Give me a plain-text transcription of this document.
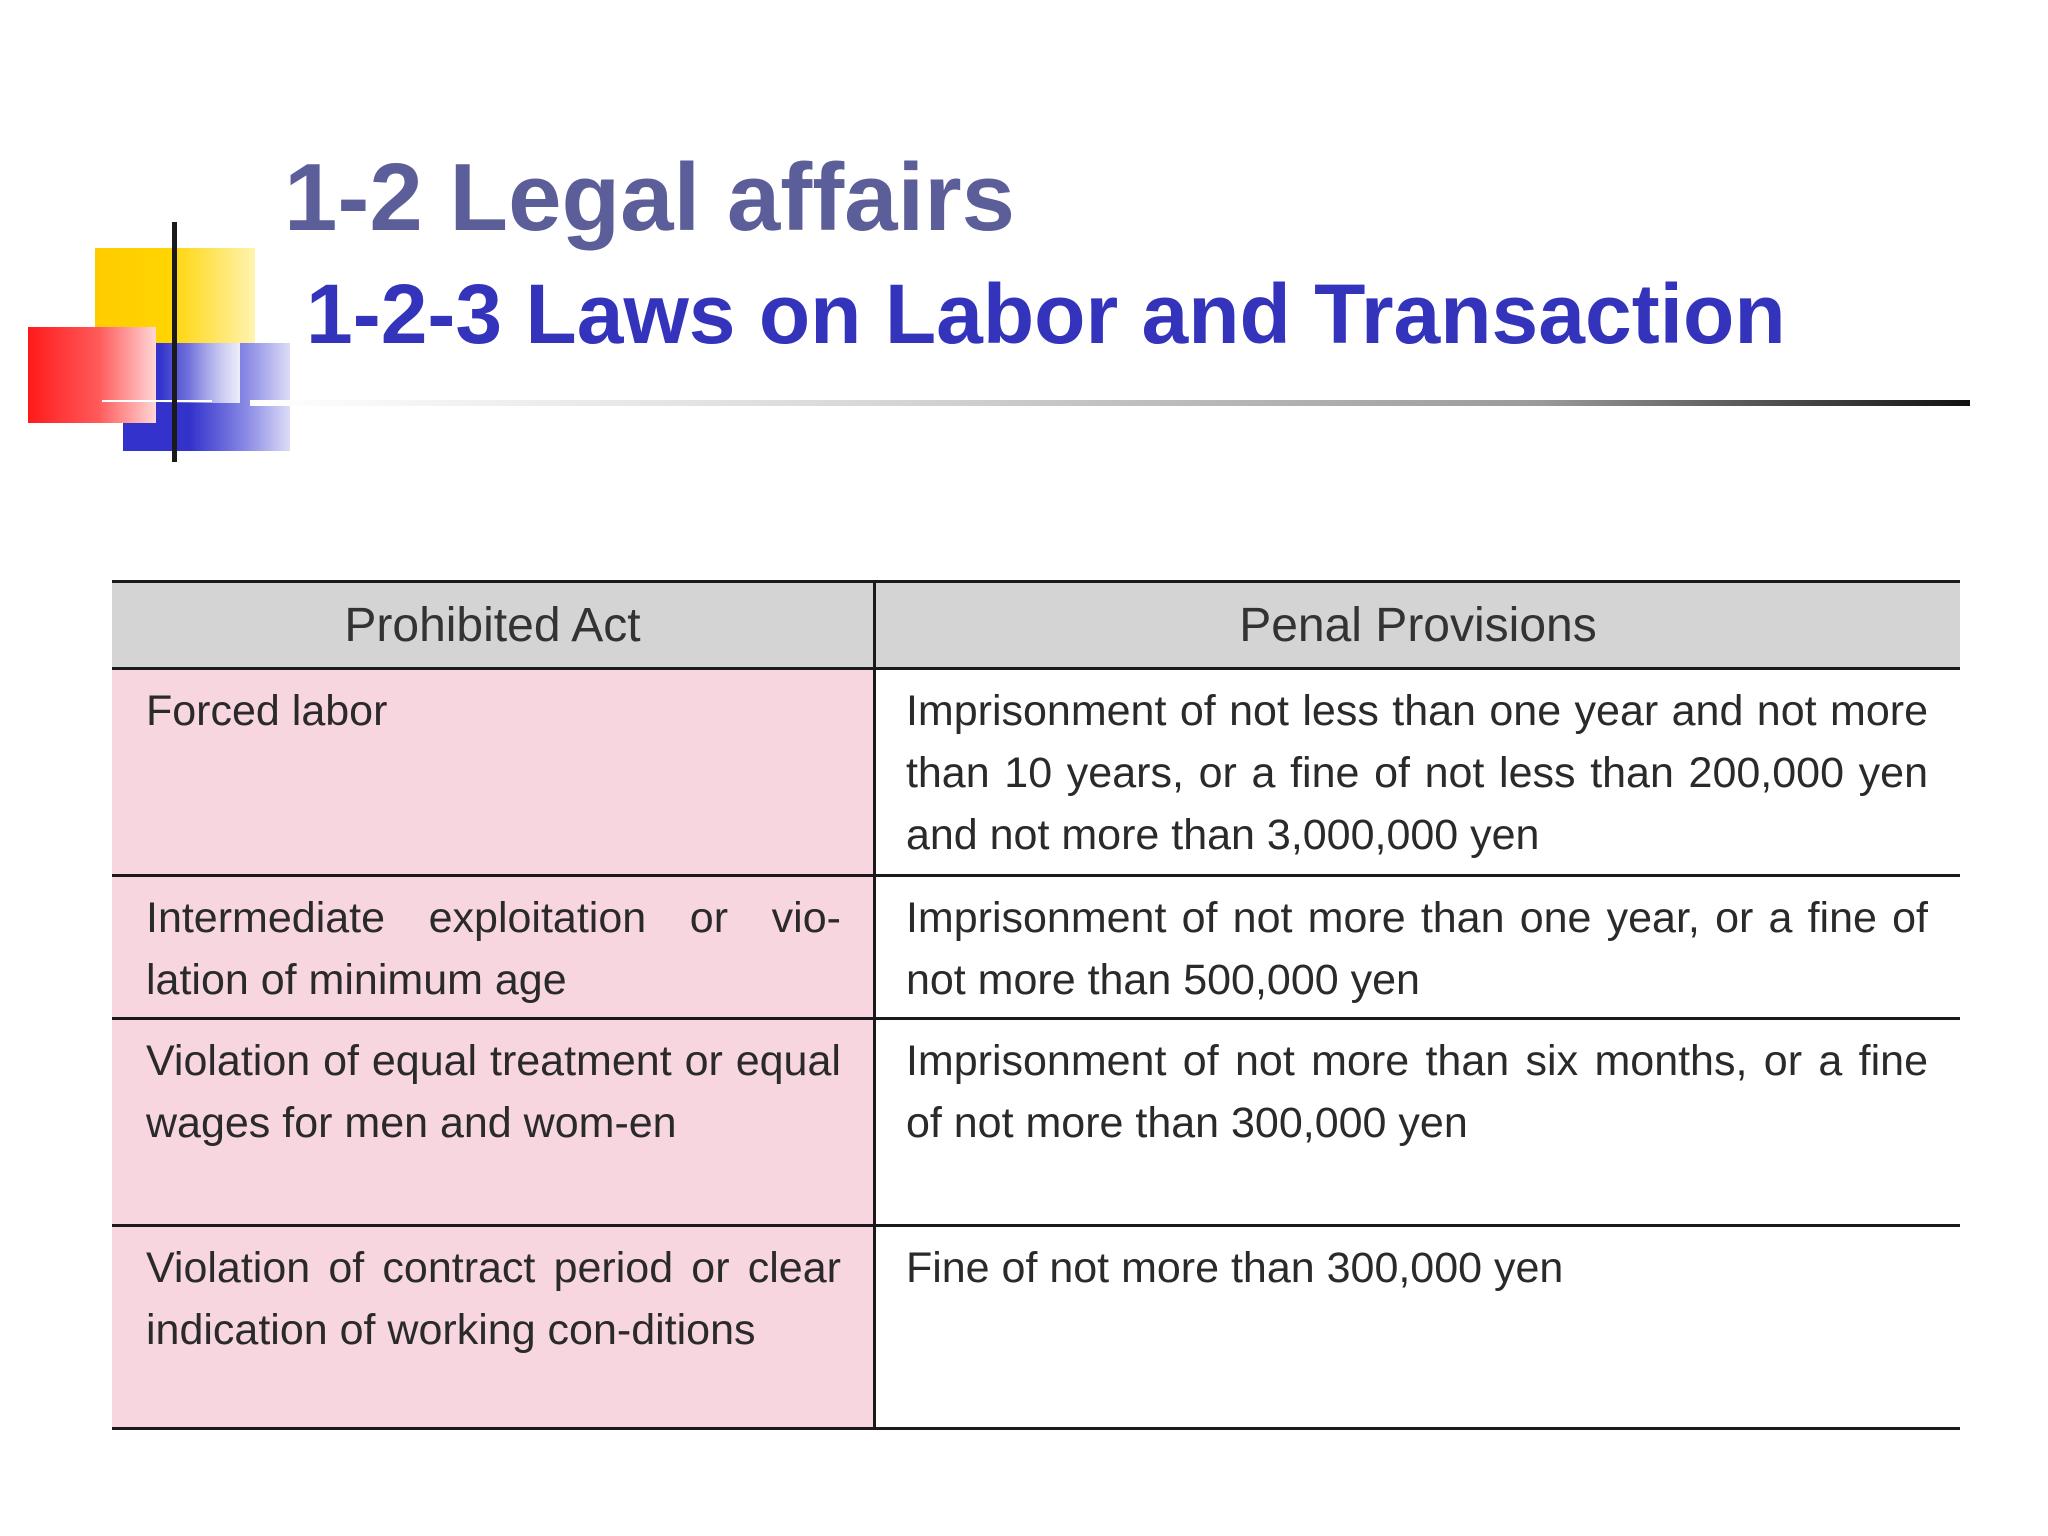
1-2 Legal affairs
1-2-3 Laws on Labor and Transaction
Prohibited Act	Penal Provisions
Forced labor	Imprisonment of not less than one year and not more than 10 years, or a fine of not less than 200,000 yen and not more than 3,000,000 yen
Intermediate exploitation or vio-lation of minimum age	Imprisonment of not more than one year, or a fine of not more than 500,000 yen
Violation of equal treatment or equal wages for men and wom-en	Imprisonment of not more than six months, or a fine of not more than 300,000 yen
Violation of contract period or clear indication of working con-ditions	Fine of not more than 300,000 yen
